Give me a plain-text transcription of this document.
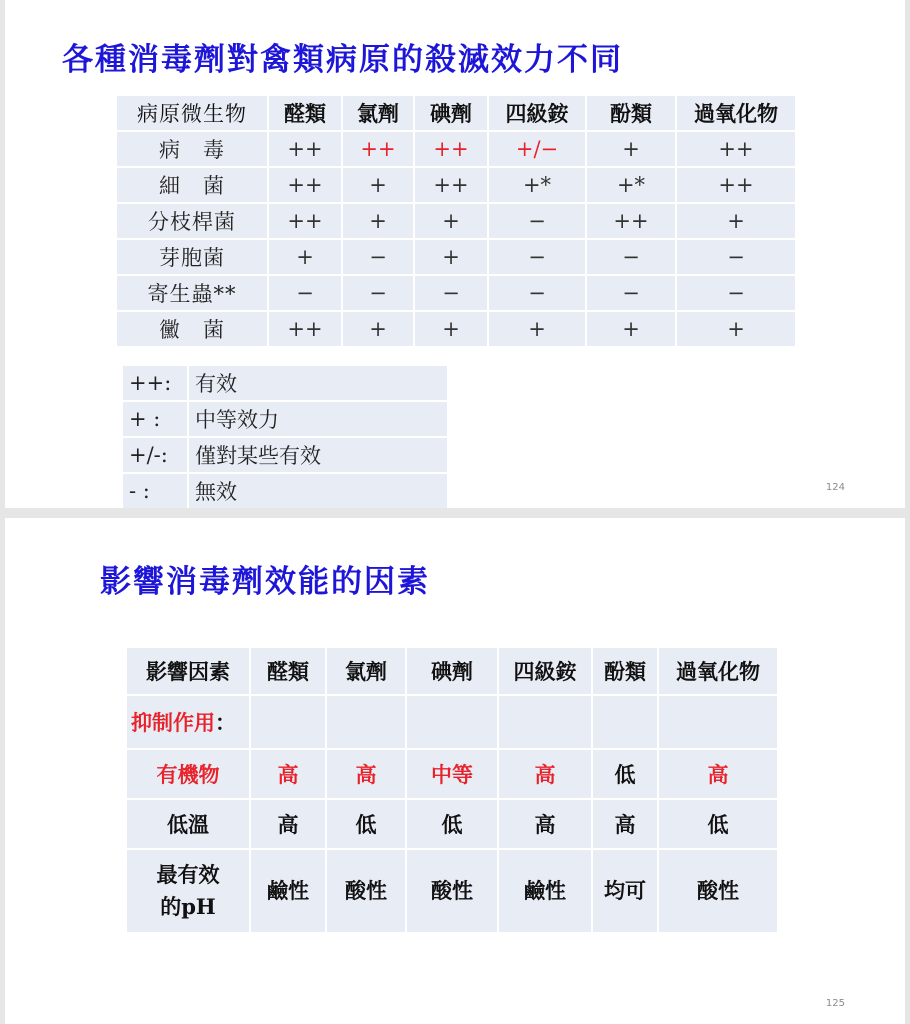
各種消毒劑對禽類病原的殺滅效力不同
病原微生物	醛類	氯劑	碘劑	四級銨	酚類	過氧化物
病　毒	++	++	++	+/−	+	++
細　菌	++	+	++	+*	+*	++
分枝桿菌	++	+	+	−	++	+
芽胞菌	+	−	+	−	−	−
寄生蟲**	−	−	−	−	−	−
黴　菌	++	+	+	+	+	+
++:	有效
+ :	中等效力
+/-:	僅對某些有效
- :	無效	124
影響消毒劑效能的因素
影響因素	醛類	氯劑	碘劑	四級銨	酚類	過氧化物
抑制作用：						
有機物	高	高	中等	高	低	高
低溫	高	低	低	高	高	低
最有效
的pH	鹼性	酸性	酸性	鹼性	均可	酸性
125
